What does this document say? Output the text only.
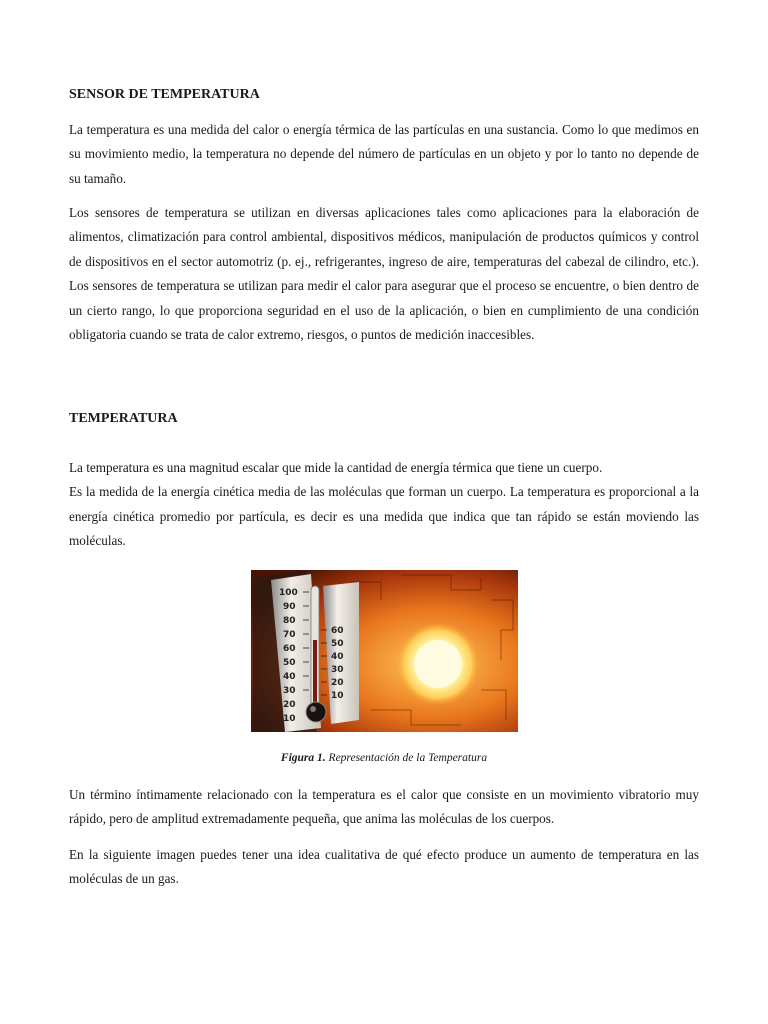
SENSOR DE TEMPERATURA

La temperatura es una medida del calor o energía térmica de las partículas en una sustancia. Como lo que medimos en su movimiento medio, la temperatura no depende del número de partículas en un objeto y por lo tanto no depende de su tamaño.

Los sensores de temperatura se utilizan en diversas aplicaciones tales como aplicaciones para la elaboración de alimentos, climatización para control ambiental, dispositivos médicos, manipulación de productos químicos y control de dispositivos en el sector automotriz (p. ej., refrigerantes, ingreso de aire, temperaturas del cabezal de cilindro, etc.). Los sensores de temperatura se utilizan para medir el calor para asegurar que el proceso se encuentre, o bien dentro de un cierto rango, lo que proporciona seguridad en el uso de la aplicación, o bien en cumplimiento de una condición obligatoria cuando se trata de calor extremo, riesgos, o puntos de medición inaccesibles.

TEMPERATURA

La temperatura es una magnitud escalar que mide la cantidad de energía térmica que tiene un cuerpo.

Es la medida de la energía cinética media de las moléculas que forman un cuerpo. La temperatura es proporcional a la energía cinética promedio por partícula, es decir es una medida que indica que tan rápido se están moviendo las moléculas.

100
90
80
70
60
50
40
30
20
10
60
50
40
30
20
10
Figura 1. Representación de la Temperatura

Un término íntimamente relacionado con la temperatura es el calor que consiste en un movimiento vibratorio muy rápido, pero de amplitud extremadamente pequeña, que anima las moléculas de los cuerpos.

En la siguiente imagen puedes tener una idea cualitativa de qué efecto produce un aumento de temperatura en las moléculas de un gas.
